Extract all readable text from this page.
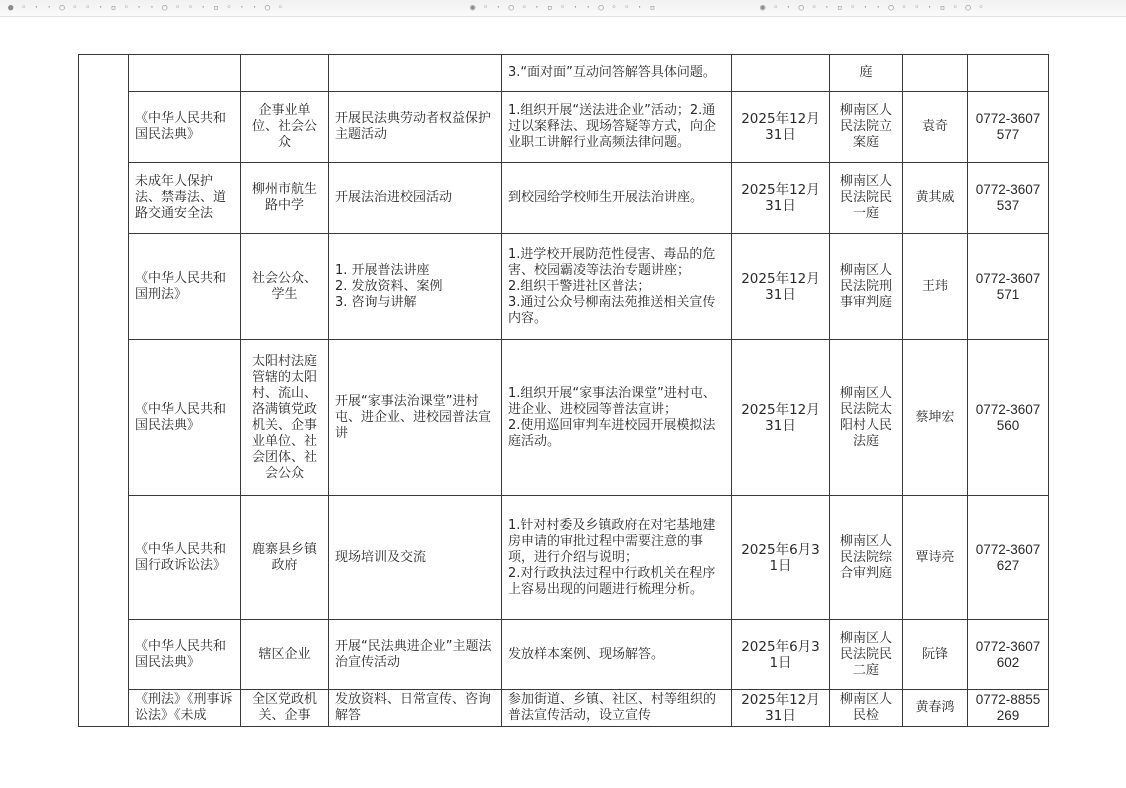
● ◦ · · ○ ◦ ◦ · ▫ ◦ · · ○ ◦ ◦ · ▫ ◦ · · ○ ◦	◉ ◦ · ○ ◦ · ▫ ◦ · · ○ ◦ ◦ · ▫	◉ ◦ · ○ ◦ · ▫ ◦ · · ○ ◦ ◦ · ▫ ◦ ○ ◦
				3.“面对面”互动问答解答具体问题。		庭		
	《中华人民共和国民法典》	企事业单位、社会公众	开展民法典劳动者权益保护主题活动	1.组织开展“送法进企业”活动；2.通过以案释法、现场答疑等方式，向企业职工讲解行业高频法律问题。	2025年12月31日	柳南区人民法院立案庭	袁奇	0772-3607577
	未成年人保护法、禁毒法、道路交通安全法	柳州市航生路中学	开展法治进校园活动	到校园给学校师生开展法治讲座。	2025年12月31日	柳南区人民法院民一庭	黄其威	0772-3607537
	《中华人民共和国刑法》	社会公众、学生	1. 开展普法讲座
2. 发放资料、案例
3. 咨询与讲解	1.进学校开展防范性侵害、毒品的危害、校园霸凌等法治专题讲座；
2.组织干警进社区普法；
3.通过公众号柳南法苑推送相关宣传内容。	2025年12月31日	柳南区人民法院刑事审判庭	王玮	0772-3607571
	《中华人民共和国民法典》	太阳村法庭管辖的太阳村、流山、洛满镇党政机关、企事业单位、社会团体、社会公众	开展“家事法治课堂”进村屯、进企业、进校园普法宣讲	1.组织开展“家事法治课堂”进村屯、进企业、进校园等普法宣讲；
2.使用巡回审判车进校园开展模拟法庭活动。	2025年12月31日	柳南区人民法院太阳村人民法庭	蔡坤宏	0772-3607560
	《中华人民共和国行政诉讼法》	鹿寨县乡镇政府	现场培训及交流	1.针对村委及乡镇政府在对宅基地建房申请的审批过程中需要注意的事项，进行介绍与说明；
2.对行政执法过程中行政机关在程序上容易出现的问题进行梳理分析。	2025年6月31日	柳南区人民法院综合审判庭	覃诗亮	0772-3607627
	《中华人民共和国民法典》	辖区企业	开展“民法典进企业”主题法治宣传活动	发放样本案例、现场解答。	2025年6月31日	柳南区人民法院民二庭	阮锋	0772-3607602
	《刑法》《刑事诉讼法》《未成	全区党政机关、企事	发放资料、日常宣传、咨询解答	参加街道、乡镇、社区、村等组织的普法宣传活动，设立宣传	2025年12月31日	柳南区人民检	黄春鸿	0772-8855269
